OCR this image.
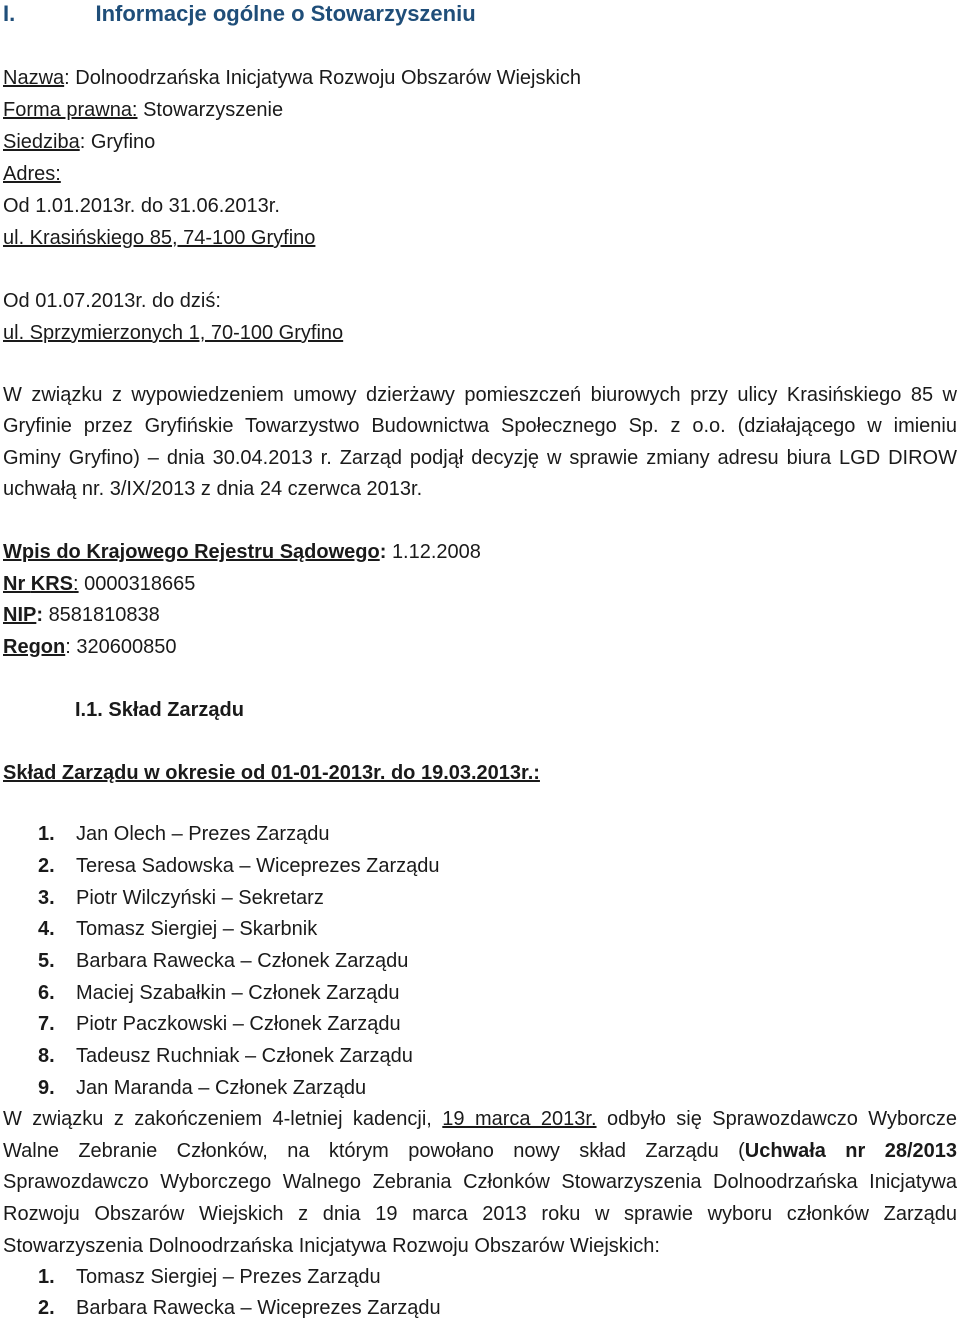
I.	Informacje ogólne o Stowarzyszeniu
Nazwa: Dolnoodrzańska Inicjatywa Rozwoju Obszarów Wiejskich
Forma prawna: Stowarzyszenie
Siedziba: Gryfino
Adres:
Od 1.01.2013r. do 31.06.2013r.
ul. Krasińskiego 85, 74-100 Gryfino
Od 01.07.2013r. do dziś:
ul. Sprzymierzonych 1, 70-100 Gryfino
W związku z wypowiedzeniem umowy dzierżawy pomieszczeń biurowych przy ulicy Krasińskiego 85 w
Gryfinie przez Gryfińskie Towarzystwo Budownictwa Społecznego Sp. z o.o. (działającego w imieniu
Gminy Gryfino) – dnia 30.04.2013 r. Zarząd podjął decyzję w sprawie zmiany adresu biura LGD DIROW
uchwałą nr. 3/IX/2013 z dnia 24 czerwca 2013r.
Wpis do Krajowego Rejestru Sądowego: 1.12.2008
Nr KRS: 0000318665
NIP: 8581810838
Regon: 320600850
I.1. Skład Zarządu
Skład Zarządu w okresie od 01-01-2013r. do 19.03.2013r.:
1. Jan Olech – Prezes Zarządu
2. Teresa Sadowska – Wiceprezes Zarządu
3. Piotr Wilczyński – Sekretarz
4. Tomasz Siergiej – Skarbnik
5. Barbara Rawecka – Członek Zarządu
6. Maciej Szabałkin – Członek Zarządu
7. Piotr Paczkowski – Członek Zarządu
8. Tadeusz Ruchniak – Członek Zarządu
9. Jan Maranda – Członek Zarządu
W związku z zakończeniem 4-letniej kadencji, 19 marca 2013r. odbyło się Sprawozdawczo Wyborcze
Walne Zebranie Członków, na którym powołano nowy skład Zarządu (Uchwała nr 28/2013
Sprawozdawczo Wyborczego Walnego Zebrania Członków Stowarzyszenia Dolnoodrzańska Inicjatywa
Rozwoju Obszarów Wiejskich z dnia 19 marca 2013 roku w sprawie wyboru członków Zarządu
Stowarzyszenia Dolnoodrzańska Inicjatywa Rozwoju Obszarów Wiejskich:
1. Tomasz Siergiej – Prezes Zarządu
2. Barbara Rawecka – Wiceprezes Zarządu
